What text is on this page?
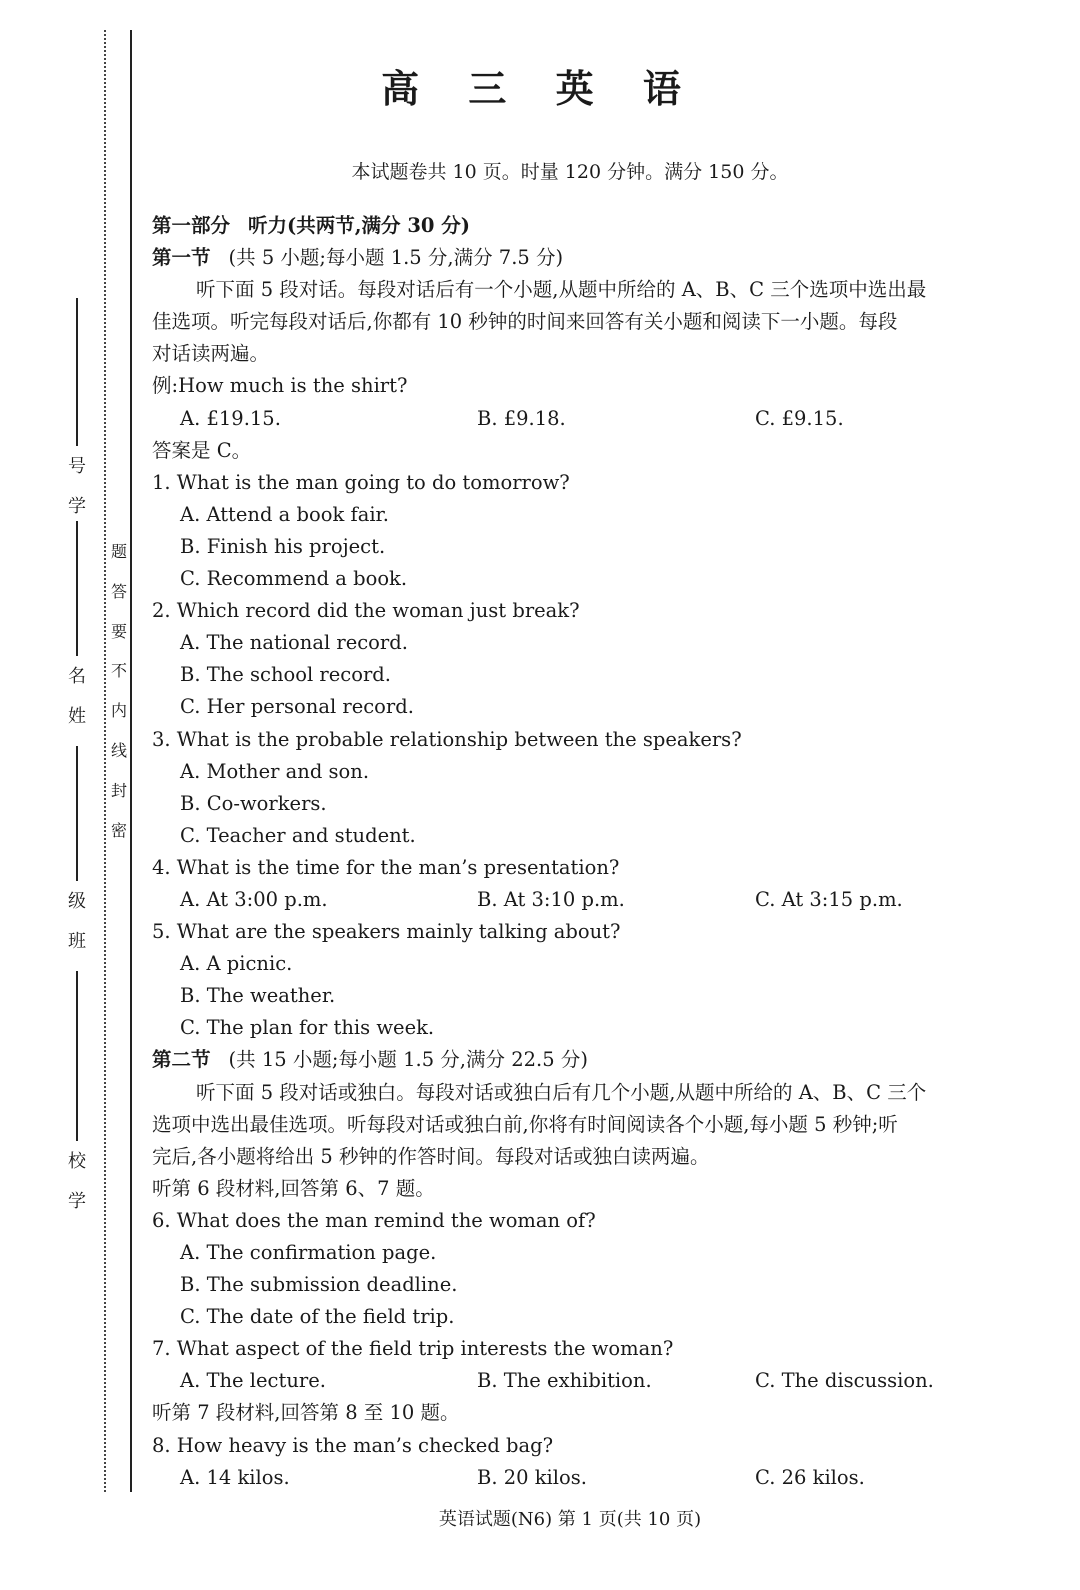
号
学
名
姓
级
班
校
学
题
答
要
不
内
线
封
密
高 三 英 语
本试题卷共 10 页。时量 120 分钟。满分 150 分。
第一部分 听力(共两节,满分 30 分)
第一节 (共 5 小题;每小题 1.5 分,满分 7.5 分)
听下面 5 段对话。每段对话后有一个小题,从题中所给的 A、B、C 三个选项中选出最
佳选项。听完每段对话后,你都有 10 秒钟的时间来回答有关小题和阅读下一小题。每段
对话读两遍。
例:How much is the shirt?
A. £19.15.	B. £9.18.	C. £9.15.
答案是 C。
1. What is the man going to do tomorrow?
A. Attend a book fair.
B. Finish his project.
C. Recommend a book.
2. Which record did the woman just break?
A. The national record.
B. The school record.
C. Her personal record.
3. What is the probable relationship between the speakers?
A. Mother and son.
B. Co-workers.
C. Teacher and student.
4. What is the time for the man’s presentation?
A. At 3:00 p.m.	B. At 3:10 p.m.	C. At 3:15 p.m.
5. What are the speakers mainly talking about?
A. A picnic.
B. The weather.
C. The plan for this week.
第二节 (共 15 小题;每小题 1.5 分,满分 22.5 分)
听下面 5 段对话或独白。每段对话或独白后有几个小题,从题中所给的 A、B、C 三个
选项中选出最佳选项。听每段对话或独白前,你将有时间阅读各个小题,每小题 5 秒钟;听
完后,各小题将给出 5 秒钟的作答时间。每段对话或独白读两遍。
听第 6 段材料,回答第 6、7 题。
6. What does the man remind the woman of?
A. The confirmation page.
B. The submission deadline.
C. The date of the field trip.
7. What aspect of the field trip interests the woman?
A. The lecture.	B. The exhibition.	C. The discussion.
听第 7 段材料,回答第 8 至 10 题。
8. How heavy is the man’s checked bag?
A. 14 kilos.	B. 20 kilos.	C. 26 kilos.
英语试题(N6) 第 1 页(共 10 页)
